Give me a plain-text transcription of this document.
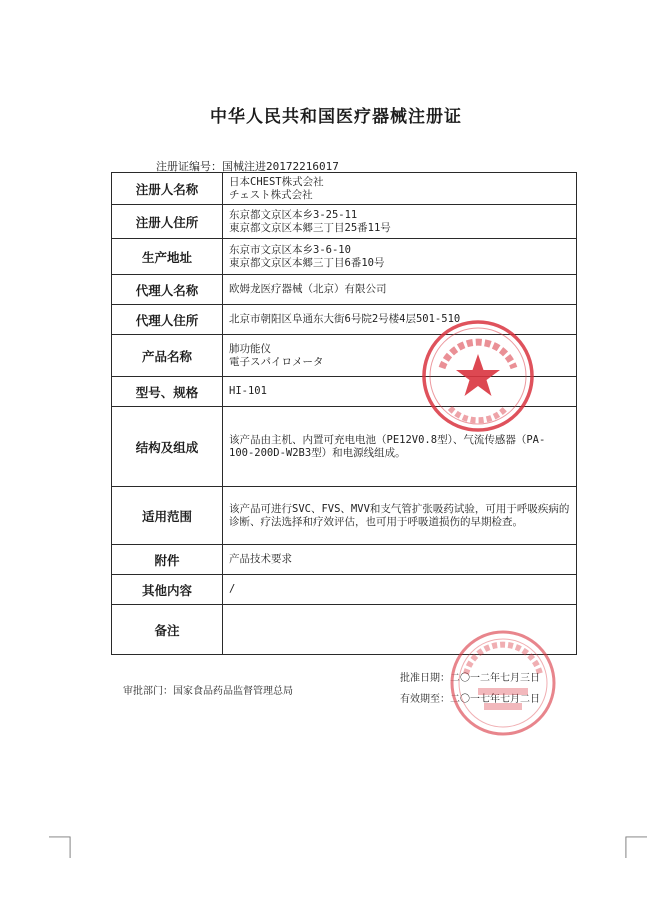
中华人民共和国医疗器械注册证
注册证编号：国械注进20172216017
注册人名称	日本CHEST株式会社
チェスト株式会社

注册人住所	东京都文京区本乡3-25-11
東京都文京区本郷三丁目25番11号

生产地址	东京市文京区本乡3-6-10
東京都文京区本郷三丁目6番10号

代理人名称	欧姆龙医疗器械（北京）有限公司

代理人住所	北京市朝阳区阜通东大街6号院2号楼4层501-510

产品名称	肺功能仪
電子スパイロメータ

型号、规格	HI-101

结构及组成	该产品由主机、内置可充电电池（PE12V0.8型）、气流传感器（PA-100-200D-W2B3型）和电源线组成。

适用范围	该产品可进行SVC、FVS、MVV和支气管扩张吸药试验，可用于呼吸疾病的诊断、疗法选择和疗效评估，也可用于呼吸道损伤的早期检查。

附件	产品技术要求

其他内容	/

备注	
审批部门：国家食品药品监督管理总局
批准日期：二〇一二年七月三日
有效期至：二〇一七年七月二日
